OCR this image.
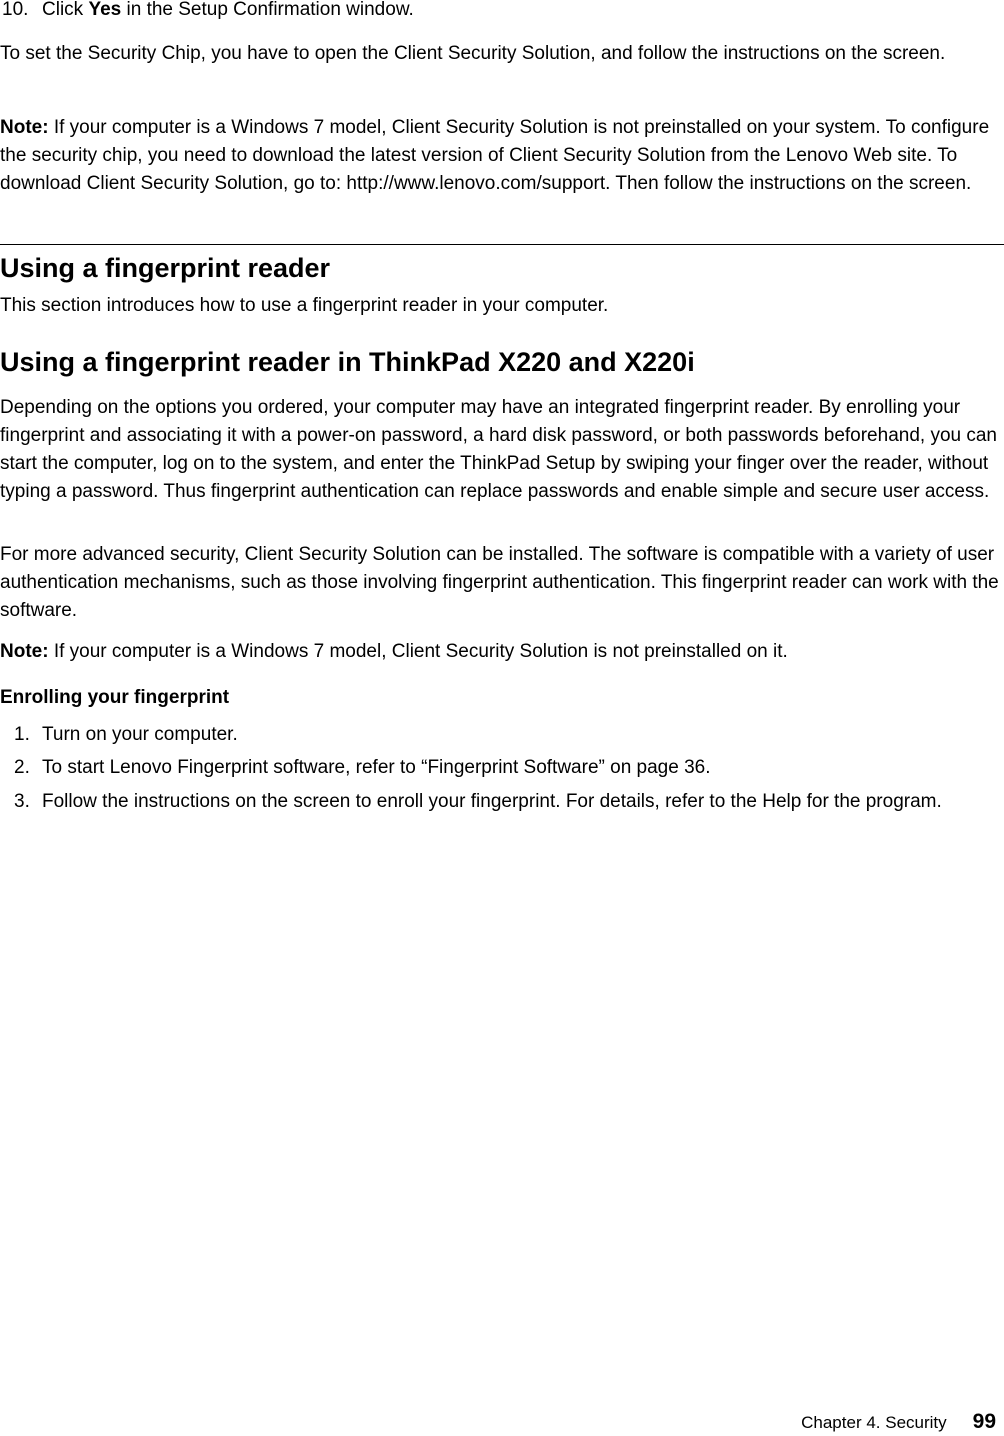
10. Click Yes in the Setup Confirmation window.

To set the Security Chip, you have to open the Client Security Solution, and follow the instructions on the screen.

Note: If your computer is a Windows 7 model, Client Security Solution is not preinstalled on your system. To configure the security chip, you need to download the latest version of Client Security Solution from the Lenovo Web site. To download Client Security Solution, go to: http://www.lenovo.com/support. Then follow the instructions on the screen.

Using a fingerprint reader

This section introduces how to use a fingerprint reader in your computer.

Using a fingerprint reader in ThinkPad X220 and X220i

Depending on the options you ordered, your computer may have an integrated fingerprint reader. By enrolling your fingerprint and associating it with a power-on password, a hard disk password, or both passwords beforehand, you can start the computer, log on to the system, and enter the ThinkPad Setup by swiping your finger over the reader, without typing a password. Thus fingerprint authentication can replace passwords and enable simple and secure user access.

For more advanced security, Client Security Solution can be installed. The software is compatible with a variety of user authentication mechanisms, such as those involving fingerprint authentication. This fingerprint reader can work with the software.

Note: If your computer is a Windows 7 model, Client Security Solution is not preinstalled on it.

Enrolling your fingerprint
1. Turn on your computer.
2. To start Lenovo Fingerprint software, refer to “Fingerprint Software” on page 36.
3. Follow the instructions on the screen to enroll your fingerprint. For details, refer to the Help for the program.
Chapter 4. Security 99
